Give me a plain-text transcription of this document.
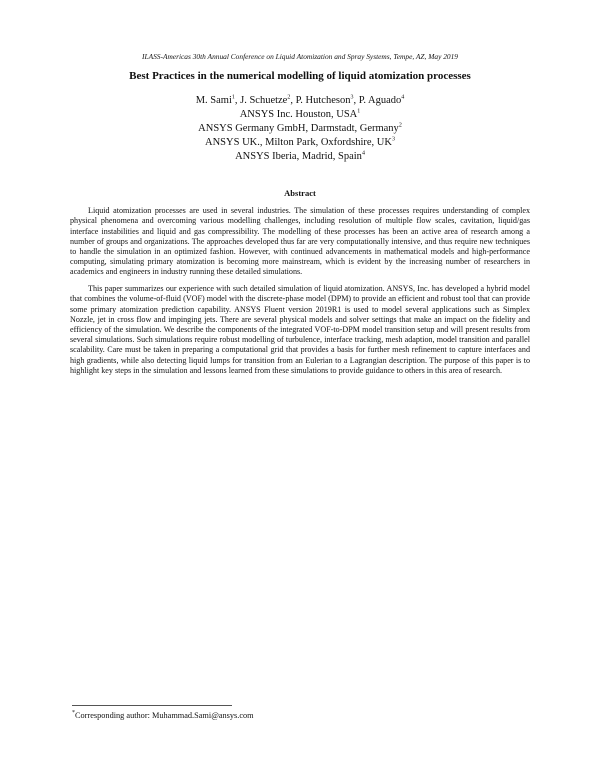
ILASS-Americas 30th Annual Conference on Liquid Atomization and Spray Systems, Tempe, AZ, May 2019
Best Practices in the numerical modelling of liquid atomization processes
M. Sami$^1$, J. Schuetze$^2$, P. Hutcheson$^3$, P. Aguado$^4$
ANSYS Inc. Houston, USA$^1$
ANSYS Germany GmbH, Darmstadt, Germany$^2$
ANSYS UK., Milton Park, Oxfordshire, $UK^3$
ANSYS Iberia, Madrid, Spain$^4$
Abstract

Liquid atomization processes are used in several industries. The simulation of these processes requires understanding of complex physical phenomena and overcoming various modelling challenges, including resolution of multiple flow scales, cavitation, liquid/gas interface instabilities and liquid and gas compressibility. The modelling of these processes has been an active area of research among a number of groups and organizations. The approaches developed thus far are very computationally intensive, and thus require new techniques to handle the simulation in an optimized fashion. However, with continued advancements in mathematical models and high-performance computing, simulating primary atomization is becoming more mainstream, which is evident by the increasing number of researchers in academics and engineers in industry running these detailed simulations.

This paper summarizes our experience with such detailed simulation of liquid atomization. ANSYS, Inc. has developed a hybrid model that combines the volume-of-fluid (VOF) model with the discrete-phase model (DPM) to provide an efficient and robust tool that can provide some primary atomization prediction capability. ANSYS Fluent version 2019R1 is used to model several applications such as Simplex Nozzle, jet in cross flow and impinging jets. There are several physical models and solver settings that make an impact on the fidelity and efficiency of the simulation. We describe the components of the integrated VOF-to-DPM model transition setup and will present results from several simulations. Such simulations require robust modelling of turbulence, interface tracking, mesh adaption, model transition and parallel scalability. Care must be taken in preparing a computational grid that provides a basis for further mesh refinement to capture interfaces and high gradients, while also detecting liquid lumps for transition from an Eulerian to a Lagrangian description. The purpose of this paper is to highlight key steps in the simulation and lessons learned from these simulations to provide guidance to others in this area of research.

*Corresponding author: Muhammad.Sami@ansys.com
